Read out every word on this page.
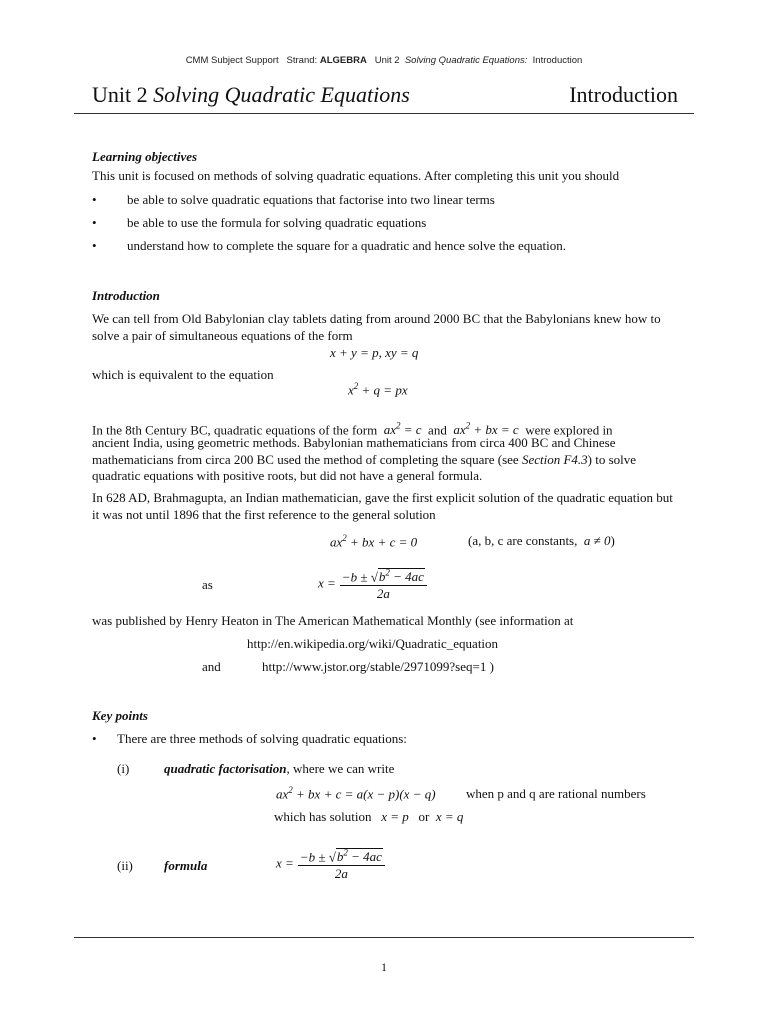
CMM Subject Support Strand: ALGEBRA Unit 2 Solving Quadratic Equations: Introduction
Unit 2 Solving Quadratic Equations	Introduction
Learning objectives
This unit is focused on methods of solving quadratic equations. After completing this unit you should
• be able to solve quadratic equations that factorise into two linear terms
• be able to use the formula for solving quadratic equations
• understand how to complete the square for a quadratic and hence solve the equation.
Introduction
We can tell from Old Babylonian clay tablets dating from around 2000 BC that the Babylonians knew how to solve a pair of simultaneous equations of the form
x + y = p, xy = q
which is equivalent to the equation
$x^2 + q$ = px
In the 8th Century BC, quadratic equations of the form $ax^2 = c$ and $ax^2$ + bx = c were explored in
ancient India, using geometric methods. Babylonian mathematicians from circa 400 BC and Chinese mathematicians from circa 200 BC used the method of completing the square (see Section F4.3) to solve quadratic equations with positive roots, but did not have a general formula.
In 628 AD, Brahmagupta, an Indian mathematician, gave the first explicit solution of the quadratic equation but it was not until 1896 that the first reference to the general solution
$ax^2$ + bx + c = 0	(a, b, c are constants, a ≠ 0)
as	$x = \frac{-b \pm √b^2 - 4ac}{2a}$
was published by Henry Heaton in The American Mathematical Monthly (see information at
http://en.wikipedia.org/wiki/Quadratic_equation
and	http://www.jstor.org/stable/2971099?seq=1 )
Key points
• There are three methods of solving quadratic equations:
(i)	quadratic factorisation, where we can write
$ax^2$ + bx + c = a(x − p)(x − q) when p and q are rational numbers
which has solution x = p or x = q
(ii) formula	$x = \frac{-b \pm √b^2 - 4ac}{2a}$
1
